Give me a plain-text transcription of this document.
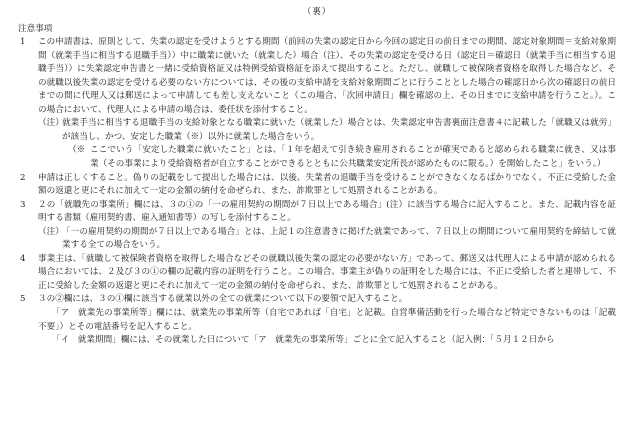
（裏）
注意事項
1	この申請書は、原則として、失業の認定を受けようとする期間（前回の失業の認定日から今回の認定日の前日までの期間、認定対象期間＝支給対象期間（就業手当に相当する退職手当））中に職業に就いた（就業した）場合（注）、その失業の認定を受ける日（認定日＝確認日（就業手当に相当する退職手当））に失業認定申告書と一緒に受給資格証又は特例受給資格証を添えて提出すること。ただし、就職して被保険者資格を取得した場合など、その就職以後失業の認定を受ける必要のない方については、その後の支給申請を支給対象期間ごとに行うこととした場合の確認日から次の確認日の前日までの間に代理人又は郵送によって申請しても差し支えないこと（この場合、「次回申請日」欄を確認の上、その日までに支給申請を行うこと。）。この場合において、代理人による申請の場合は、委任状を添付すること。
（注）
就業手当に相当する退職手当の支給対象となる職業に就いた（就業した）場合とは、失業認定申告書裏面注意書４に記載した「就職又は就労」が該当し、かつ、安定した職業（※）以外に就業した場合をいう。
（※ ここでいう「安定した職業に就いたこと」とは、「１年を超えて引き続き雇用されることが確実であると認められる職業に就き、又は事業（その事業により受給資格者が自立することができるとともに公共職業安定所長が認めたものに限る。）を開始したこと」をいう。）
2	申請は正しくすること。偽りの記載をして提出した場合には、以後、失業者の退職手当を受けることができなくなるばかりでなく、不正に受給した金額の返還と更にそれに加えて一定の金額の納付を命ぜられ、また、詐欺罪として処罰されることがある。
3	２の「就職先の事業所」欄には、３の①の「一の雇用契約の期間が７日以上である場合」(注）に該当する場合に記入すること。また、記載内容を証明する書類（雇用契約書、雇入通知書等）の写しを添付すること。
（注）
「一の雇用契約の期間が７日以上である場合」とは、上記１の注意書きに掲げた就業であって、７日以上の期間について雇用契約を締結して就業する全ての場合をいう。
4	事業主は、「就職して被保険者資格を取得した場合などその就職以後失業の認定の必要がない方」であって、郵送又は代理人による申請が認められる場合においては、２及び３の①の欄の記載内容の証明を行うこと。この場合、事業主が偽りの証明をした場合には、不正に受給した者と連帯して、不正に受給した金額の返還と更にそれに加えて一定の金額の納付を命ぜられ、また、詐欺罪として処罰されることがある。
5	３の②欄には、３の①欄に該当する就業以外の全ての就業について以下の要領で記入すること。
「ア　就業先の事業所等」欄には、就業先の事業所等（自宅であれば「自宅」と記載。自営準備活動を行った場合など特定できないものは「記載不要」）とその電話番号を記入すること。
「イ　就業期間」欄には、その就業した日について「ア　就業先の事業所等」ごとに全て記入すること（記入例：「５月１２日から
